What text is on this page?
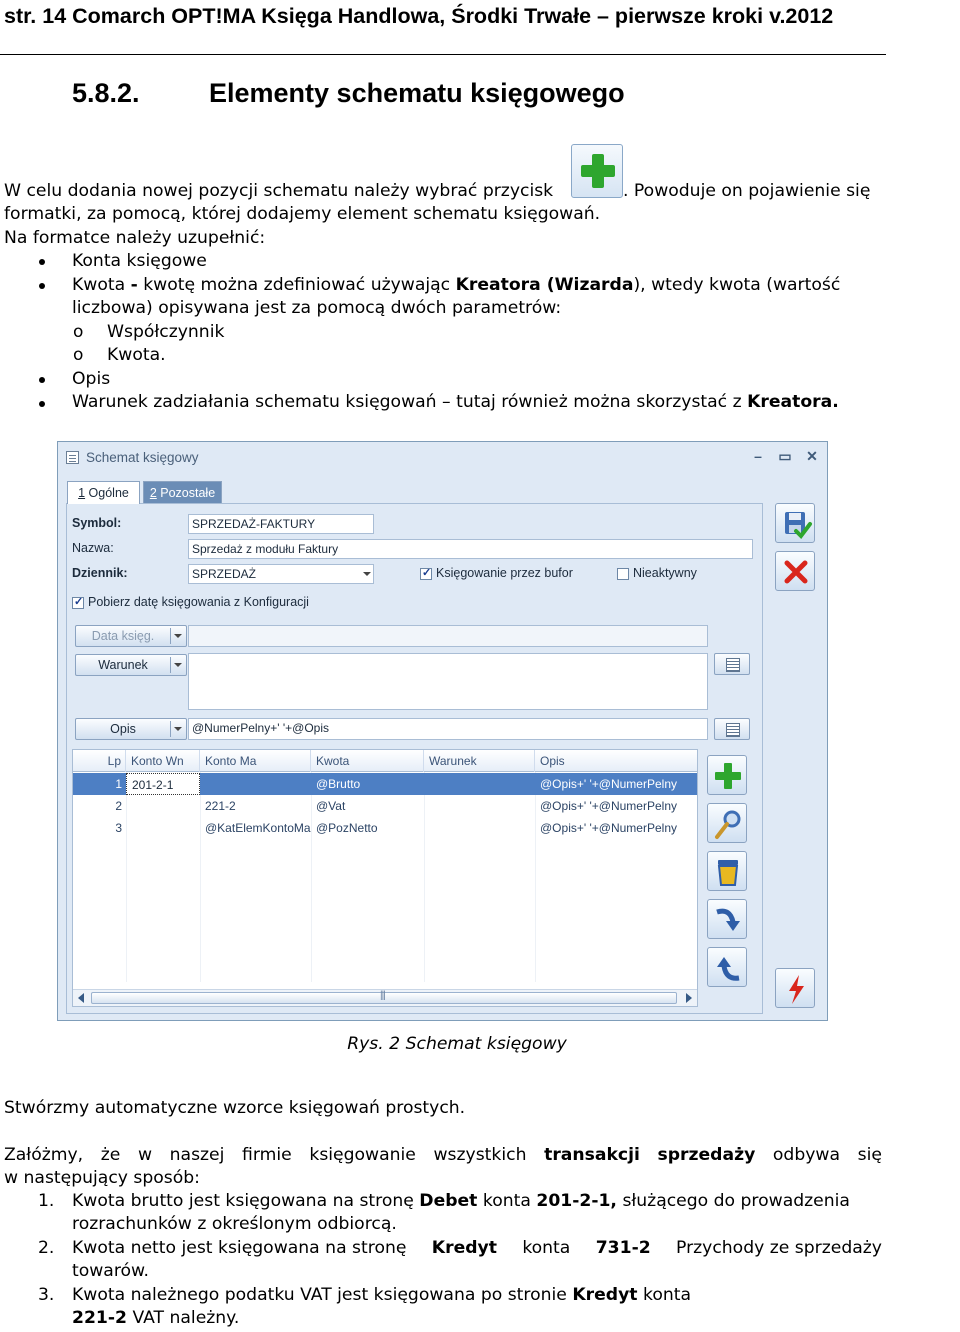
str. 14 Comarch OPT!MA Księga Handlowa, Środki Trwałe – pierwsze kroki v.2012
5.8.2.	Elementy schematu księgowego
W celu dodania nowej pozycji schematu należy wybrać przycisk	. Powoduje on pojawienie się
formatki, za pomocą, której dodajemy element schematu księgowań.
Na formatce należy uzupełnić:
Konta księgowe
Kwota - kwotę można zdefiniować używając Kreatora (Wizarda), wtedy kwota (wartość
liczbowa) opisywana jest za pomocą dwóch parametrów:
o Współczynnik
o Kwota.
Opis
Warunek zadziałania schematu księgowań – tutaj również można skorzystać z Kreatora.
Schemat księgowy	– ▭ ✕
1 Ogólne	2 Pozostałe
Symbol:	SPRZEDAŻ-FAKTURY
Nazwa:	Sprzedaż z modułu Faktury
Dziennik:	SPRZEDAŻ
✓	Księgowanie przez bufor	Nieaktywny
✓
Pobierz datę księgowania z Konfiguracji
Data księg.
Warunek
Opis	@NumerPelny+' '+@Opis
Lp Konto Wn	Konto Ma	Kwota	Warunek	Opis
1 201-2-1	@Brutto	@Opis+' '+@NumerPelny
2	221-2	@Vat	@Opis+' '+@NumerPelny
3	@KatElemKontoMa @PozNetto	@Opis+' '+@NumerPelny
|||
Rys. 2 Schemat księgowy
Stwórzmy automatyczne wzorce księgowań prostych.
Załóżmy, że w naszej firmie księgowanie wszystkich transakcji sprzedaży odbywa się
w następujący sposób:
1. Kwota brutto jest księgowana na stronę Debet konta 201-2-1, służącego do prowadzenia
rozrachunków z określonym odbiorcą.
2. Kwota netto jest księgowana na stronę Kredyt konta 731-2 Przychody ze sprzedaży
towarów.
3. Kwota należnego podatku VAT jest księgowana po stronie Kredyt konta
221-2 VAT należny.
